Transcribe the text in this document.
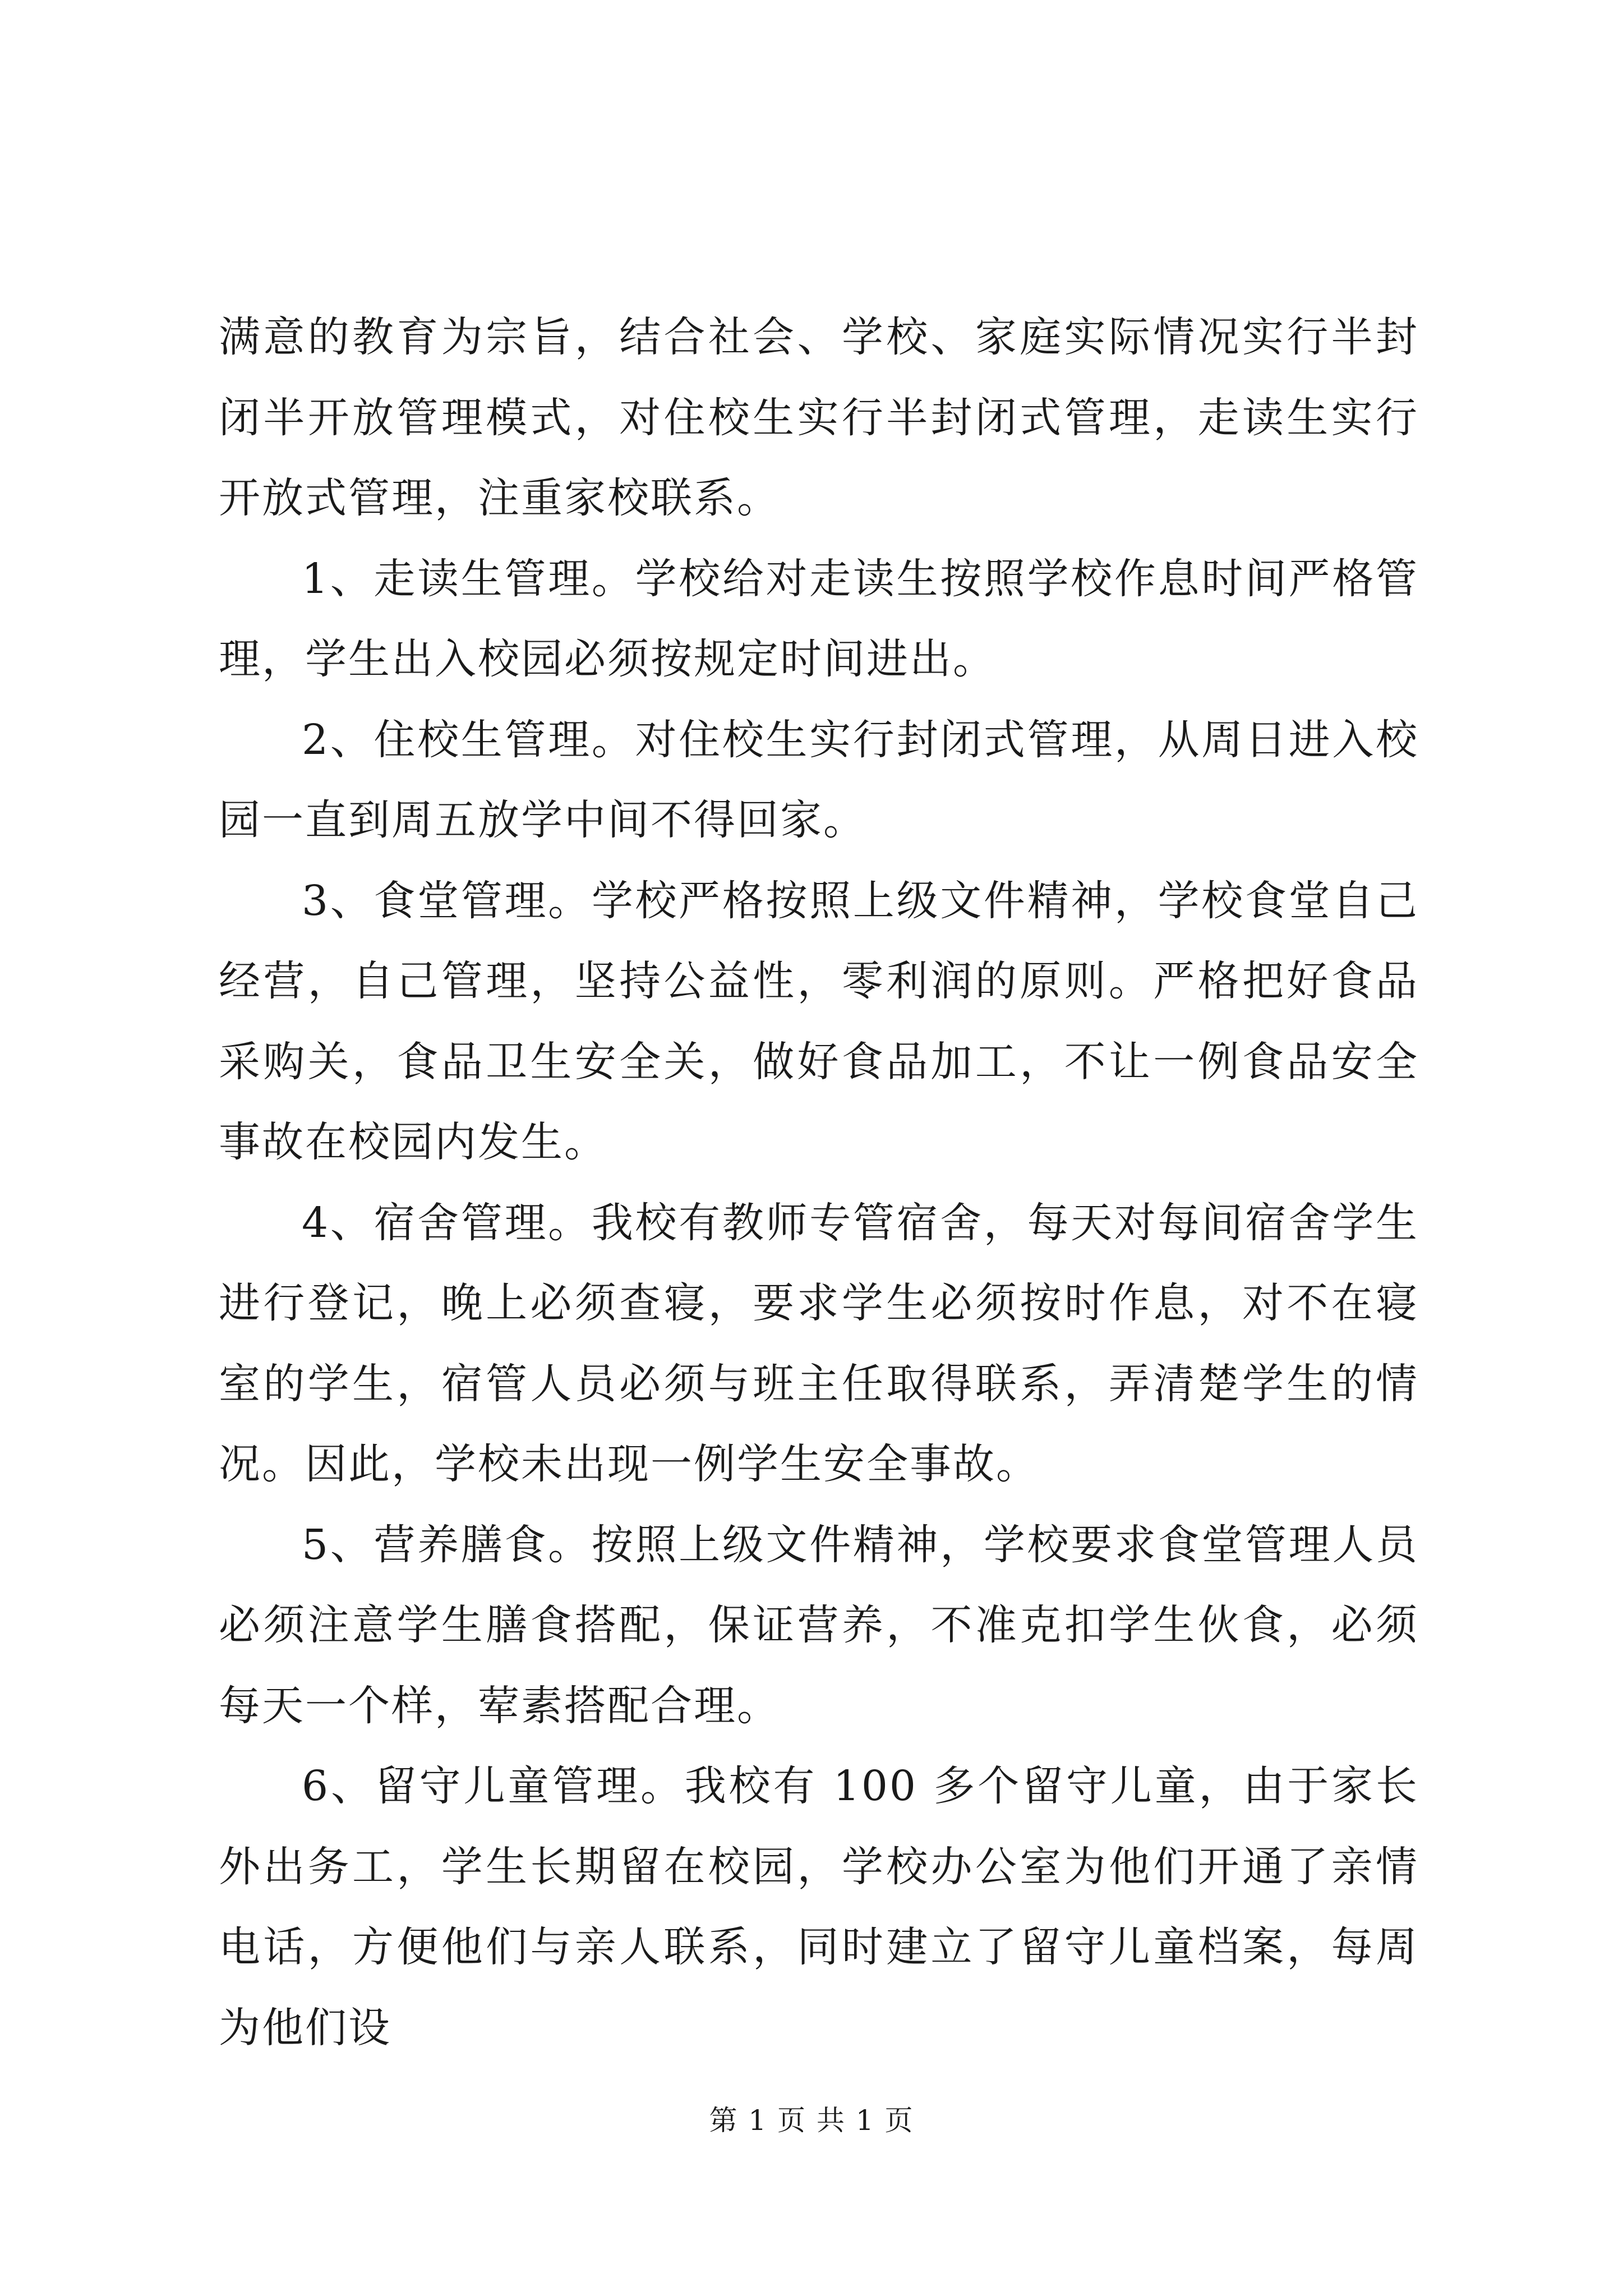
满意的教育为宗旨，结合社会、学校、家庭实际情况实行半封闭半开放管理模式，对住校生实行半封闭式管理，走读生实行开放式管理，注重家校联系。

1、走读生管理。学校给对走读生按照学校作息时间严格管理，学生出入校园必须按规定时间进出。

2、住校生管理。对住校生实行封闭式管理，从周日进入校园一直到周五放学中间不得回家。

3、食堂管理。学校严格按照上级文件精神，学校食堂自己经营，自己管理，坚持公益性，零利润的原则。严格把好食品采购关，食品卫生安全关，做好食品加工，不让一例食品安全事故在校园内发生。

4、宿舍管理。我校有教师专管宿舍，每天对每间宿舍学生进行登记，晚上必须查寝，要求学生必须按时作息，对不在寝室的学生，宿管人员必须与班主任取得联系，弄清楚学生的情况。因此，学校未出现一例学生安全事故。

5、营养膳食。按照上级文件精神，学校要求食堂管理人员必须注意学生膳食搭配，保证营养，不准克扣学生伙食，必须每天一个样，荤素搭配合理。

6、留守儿童管理。我校有 100 多个留守儿童，由于家长外出务工，学生长期留在校园，学校办公室为他们开通了亲情电话，方便他们与亲人联系，同时建立了留守儿童档案，每周为他们设

第 1 页 共 1 页
